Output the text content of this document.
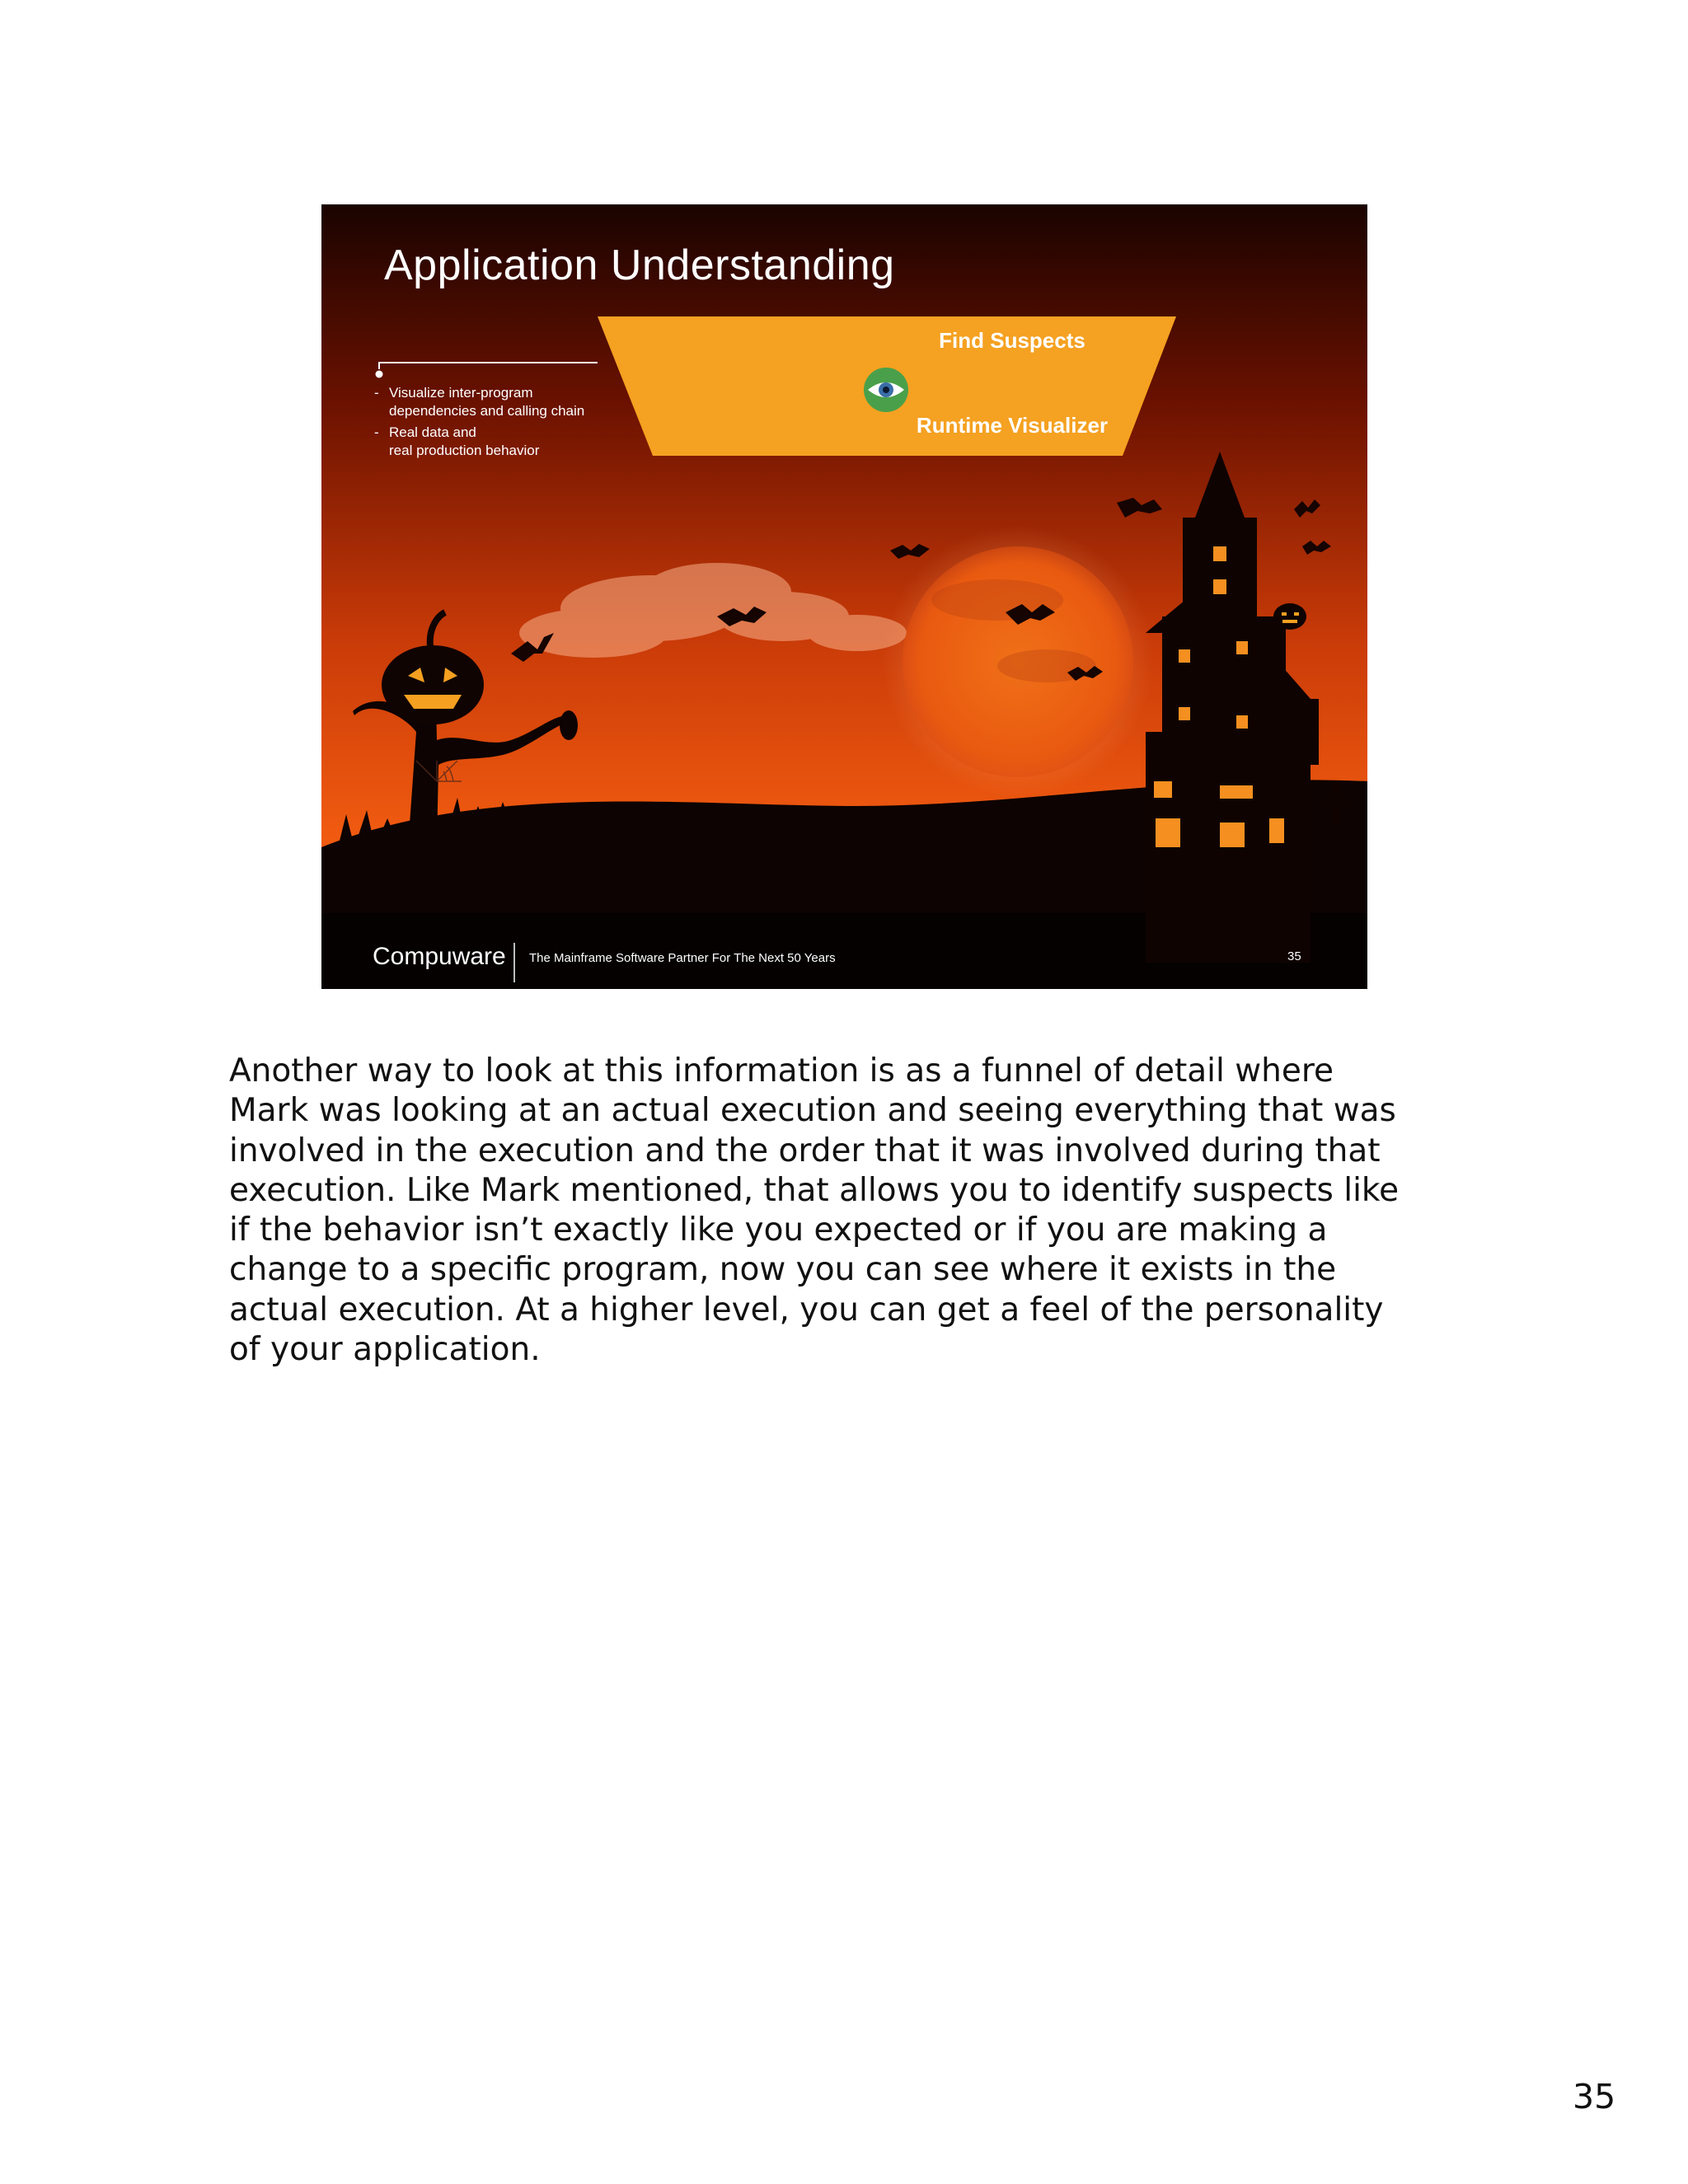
Application Understanding
- Visualize inter-program
dependencies and calling chain
- Real data and
real production behavior
Find Suspects
Runtime Visualizer
Compuware The Mainframe Software Partner For The Next 50 Years	35
Another way to look at this information is as a funnel of detail where
Mark was looking at an actual execution and seeing everything that was
involved in the execution and the order that it was involved during that
execution. Like Mark mentioned, that allows you to identify suspects like
if the behavior isn’t exactly like you expected or if you are making a
change to a specific program, now you can see where it exists in the
actual execution. At a higher level, you can get a feel of the personality
of your application.
35
